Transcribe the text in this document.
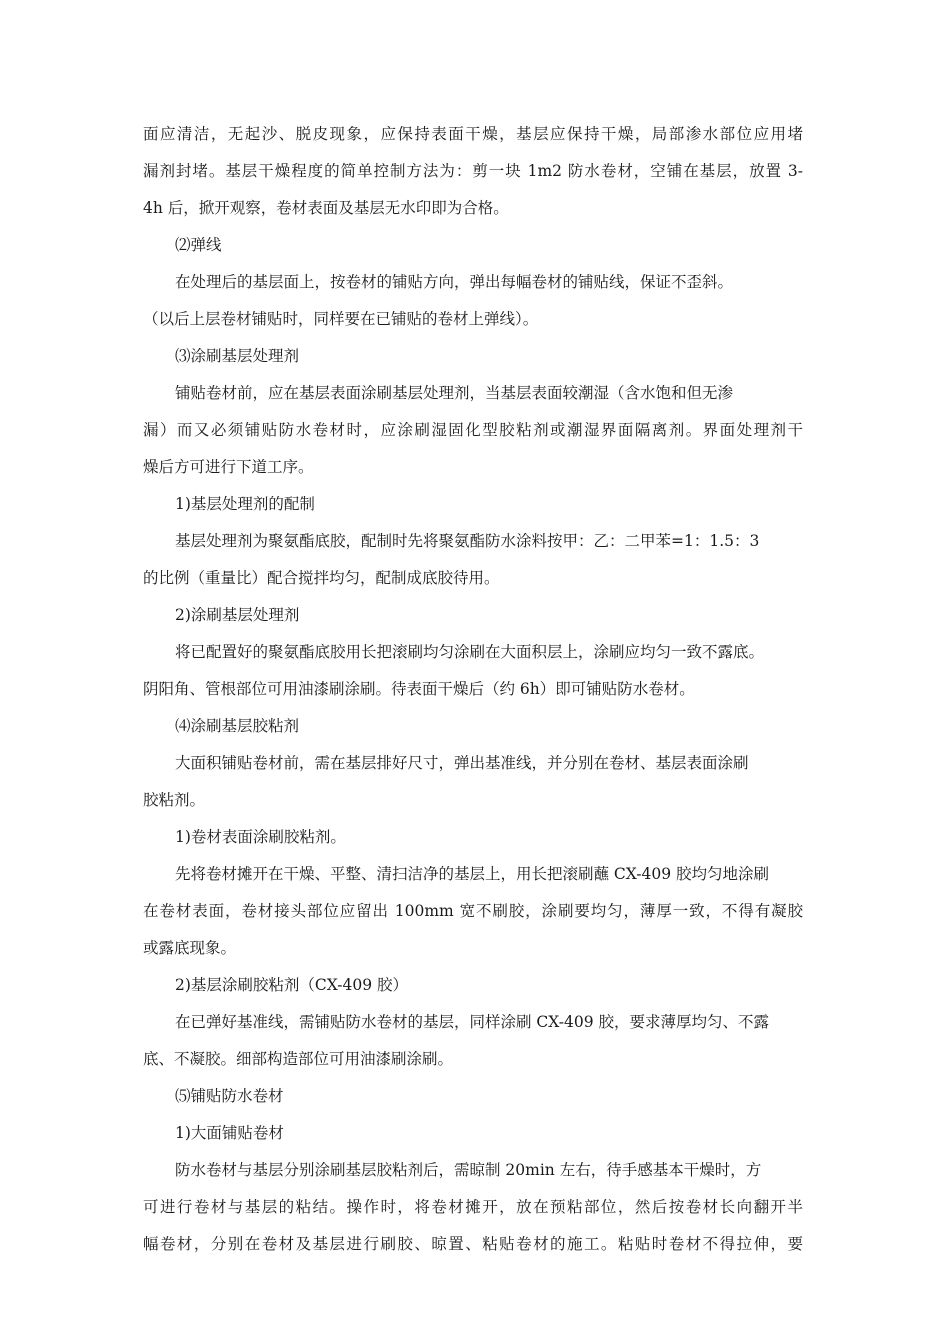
面应清洁，无起沙、脱皮现象，应保持表面干燥，基层应保持干燥，局部渗水部位应用堵

漏剂封堵。基层干燥程度的简单控制方法为：剪一块 1m2 防水卷材，空铺在基层，放置 3-

4h 后，掀开观察，卷材表面及基层无水印即为合格。

⑵弹线

在处理后的基层面上，按卷材的铺贴方向，弹出每幅卷材的铺贴线，保证不歪斜。

（以后上层卷材铺贴时，同样要在已铺贴的卷材上弹线）。

⑶涂刷基层处理剂

铺贴卷材前，应在基层表面涂刷基层处理剂，当基层表面较潮湿（含水饱和但无渗

漏）而又必须铺贴防水卷材时，应涂刷湿固化型胶粘剂或潮湿界面隔离剂。界面处理剂干

燥后方可进行下道工序。

1)基层处理剂的配制

基层处理剂为聚氨酯底胶，配制时先将聚氨酯防水涂料按甲：乙：二甲苯=1：1.5：3

的比例（重量比）配合搅拌均匀，配制成底胶待用。

2)涂刷基层处理剂

将已配置好的聚氨酯底胶用长把滚刷均匀涂刷在大面积层上，涂刷应均匀一致不露底。

阴阳角、管根部位可用油漆刷涂刷。待表面干燥后（约 6h）即可铺贴防水卷材。

⑷涂刷基层胶粘剂

大面积铺贴卷材前，需在基层排好尺寸，弹出基准线，并分别在卷材、基层表面涂刷

胶粘剂。

1)卷材表面涂刷胶粘剂。

先将卷材摊开在干燥、平整、清扫洁净的基层上，用长把滚刷蘸 CX-409 胶均匀地涂刷

在卷材表面，卷材接头部位应留出 100mm 宽不刷胶，涂刷要均匀，薄厚一致，不得有凝胶

或露底现象。

2)基层涂刷胶粘剂（CX-409 胶）

在已弹好基准线，需铺贴防水卷材的基层，同样涂刷 CX-409 胶，要求薄厚均匀、不露

底、不凝胶。细部构造部位可用油漆刷涂刷。

⑸铺贴防水卷材

1)大面铺贴卷材

防水卷材与基层分别涂刷基层胶粘剂后，需晾制 20min 左右，待手感基本干燥时，方

可进行卷材与基层的粘结。操作时，将卷材摊开，放在预粘部位，然后按卷材长向翻开半

幅卷材，分别在卷材及基层进行刷胶、晾置、粘贴卷材的施工。粘贴时卷材不得拉伸，要
